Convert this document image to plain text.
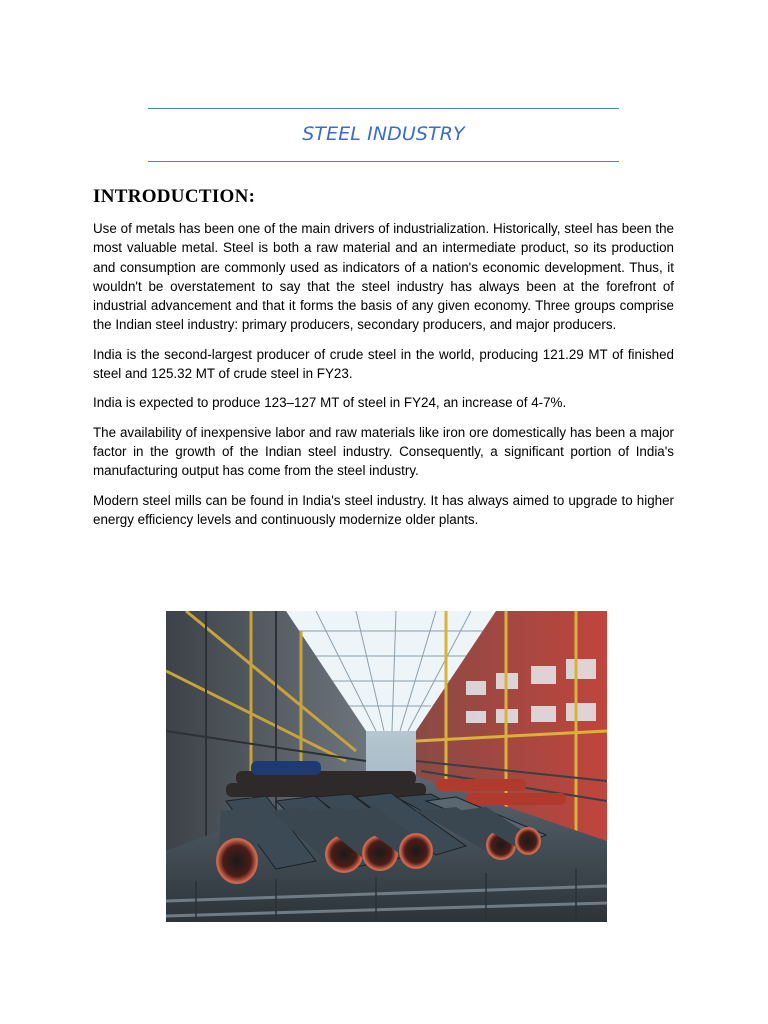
STEEL INDUSTRY
INTRODUCTION:

Use of metals has been one of the main drivers of industrialization. Historically, steel has been the most valuable metal. Steel is both a raw material and an intermediate product, so its production and consumption are commonly used as indicators of a nation's economic development. Thus, it wouldn't be overstatement to say that the steel industry has always been at the forefront of industrial advancement and that it forms the basis of any given economy. Three groups comprise the Indian steel industry: primary producers, secondary producers, and major producers.

India is the second-largest producer of crude steel in the world, producing 121.29 MT of finished steel and 125.32 MT of crude steel in FY23.

India is expected to produce 123–127 MT of steel in FY24, an increase of 4-7%.

The availability of inexpensive labor and raw materials like iron ore domestically has been a major factor in the growth of the Indian steel industry. Consequently, a significant portion of India's manufacturing output has come from the steel industry.

Modern steel mills can be found in India's steel industry. It has always aimed to upgrade to higher energy efficiency levels and continuously modernize older plants.
